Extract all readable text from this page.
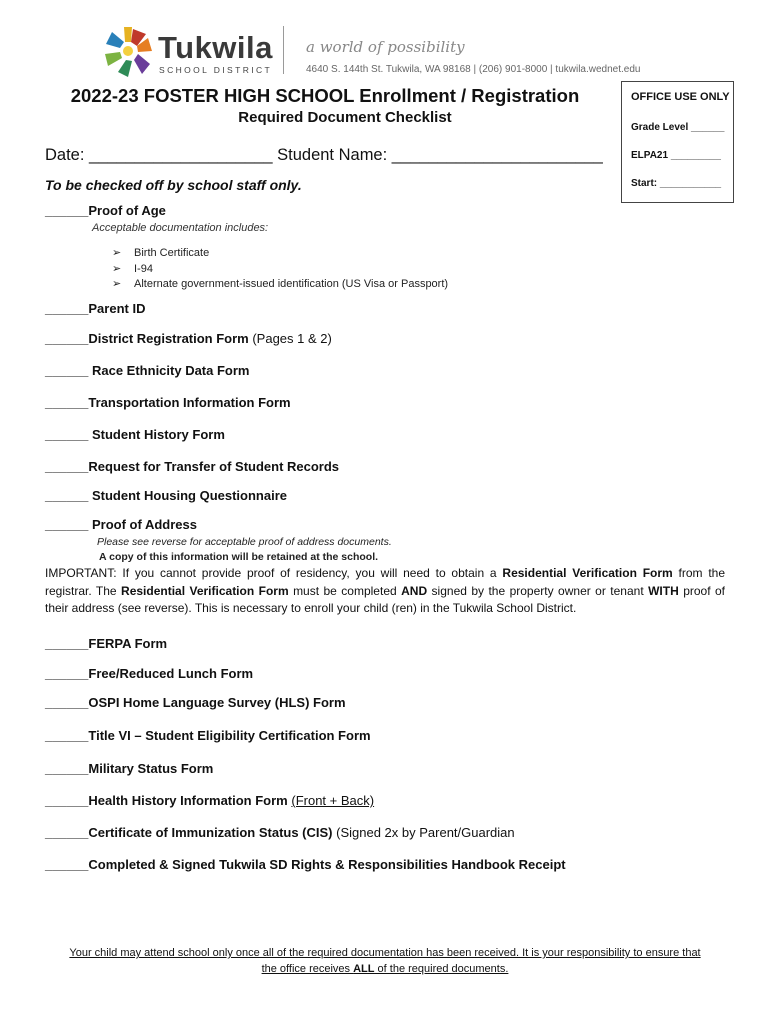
Tukwila
SCHOOL DISTRICT
a world of possibility
4640 S. 144th St. Tukwila, WA 98168 | (206) 901-8000 | tukwila.wednet.edu
2022-23 FOSTER HIGH SCHOOL Enrollment / Registration
Required Document Checklist
OFFICE USE ONLY
Grade Level ______
ELPA21 _________
Start: ___________
Date: ____________________ Student Name: _______________________
To be checked off by school staff only.
______Proof of Age
Acceptable documentation includes:
➢ Birth Certificate
➢ I-94
➢ Alternate government-issued identification (US Visa or Passport)
______Parent ID
______District Registration Form (Pages 1 & 2)
______ Race Ethnicity Data Form
______Transportation Information Form
______ Student History Form
______Request for Transfer of Student Records
______ Student Housing Questionnaire
______ Proof of Address
Please see reverse for acceptable proof of address documents.
A copy of this information will be retained at the school.
IMPORTANT: If you cannot provide proof of residency, you will need to obtain a Residential Verification Form from the registrar. The Residential Verification Form must be completed AND signed by the property owner or tenant WITH proof of their address (see reverse). This is necessary to enroll your child (ren) in the Tukwila School District.
______FERPA Form
______Free/Reduced Lunch Form
______OSPI Home Language Survey (HLS) Form
______Title VI – Student Eligibility Certification Form
______Military Status Form
______Health History Information Form (Front + Back)
______Certificate of Immunization Status (CIS) (Signed 2x by Parent/Guardian
______Completed & Signed Tukwila SD Rights & Responsibilities Handbook Receipt
Your child may attend school only once all of the required documentation has been received. It is your responsibility to ensure that
the office receives ALL of the required documents.
